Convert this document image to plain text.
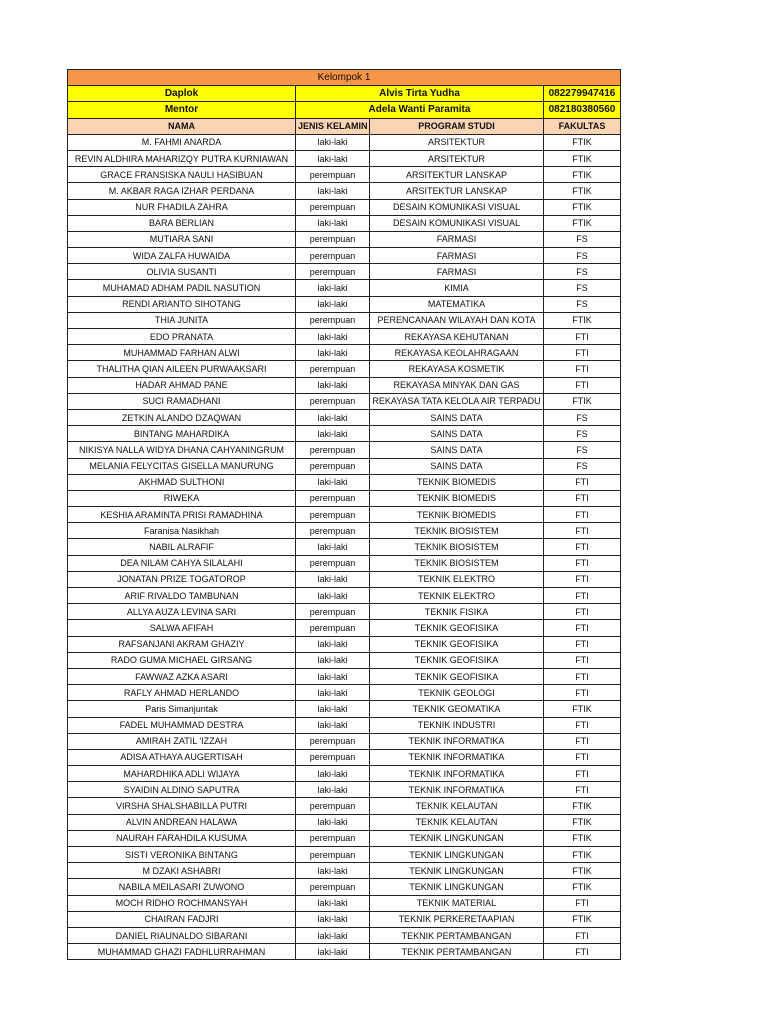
Kelompok 1			
Daplok	Alvis Tirta Yudha		082279947416
Mentor	Adela Wanti Paramita		082180380560
NAMA	JENIS KELAMIN	PROGRAM STUDI	FAKULTAS
M. FAHMI ANARDA	laki-laki	ARSITEKTUR	FTIK
REVIN ALDHIRA MAHARIZQY PUTRA KURNIAWAN	laki-laki	ARSITEKTUR	FTIK
GRACE FRANSISKA NAULI HASIBUAN	perempuan	ARSITEKTUR LANSKAP	FTIK
M. AKBAR RAGA IZHAR PERDANA	laki-laki	ARSITEKTUR LANSKAP	FTIK
NUR FHADILA ZAHRA	perempuan	DESAIN KOMUNIKASI VISUAL	FTIK
BARA BERLIAN	laki-laki	DESAIN KOMUNIKASI VISUAL	FTIK
MUTIARA SANI	perempuan	FARMASI	FS
WIDA ZALFA HUWAIDA	perempuan	FARMASI	FS
OLIVIA SUSANTI	perempuan	FARMASI	FS
MUHAMAD ADHAM PADIL NASUTION	laki-laki	KIMIA	FS
RENDI ARIANTO SIHOTANG	laki-laki	MATEMATIKA	FS
THIA JUNITA	perempuan	PERENCANAAN WILAYAH DAN KOTA	FTIK
EDO PRANATA	laki-laki	REKAYASA KEHUTANAN	FTI
MUHAMMAD FARHAN ALWI	laki-laki	REKAYASA KEOLAHRAGAAN	FTI
THALITHA QIAN AILEEN PURWAAKSARI	perempuan	REKAYASA KOSMETIK	FTI
HADAR AHMAD PANE	laki-laki	REKAYASA MINYAK DAN GAS	FTI
SUCI RAMADHANI	perempuan	REKAYASA TATA KELOLA AIR TERPADU	FTIK
ZETKIN ALANDO DZAQWAN	laki-laki	SAINS DATA	FS
BINTANG MAHARDIKA	laki-laki	SAINS DATA	FS
NIKISYA NALLA WIDYA DHANA CAHYANINGRUM	perempuan	SAINS DATA	FS
MELANIA FELYCITAS GISELLA MANURUNG	perempuan	SAINS DATA	FS
AKHMAD SULTHONI	laki-laki	TEKNIK BIOMEDIS	FTI
RIWEKA	perempuan	TEKNIK BIOMEDIS	FTI
KESHIA ARAMINTA PRISI RAMADHINA	perempuan	TEKNIK BIOMEDIS	FTI
Faranisa Nasikhah	perempuan	TEKNIK BIOSISTEM	FTI
NABIL ALRAFIF	laki-laki	TEKNIK BIOSISTEM	FTI
DEA NILAM CAHYA SILALAHI	perempuan	TEKNIK BIOSISTEM	FTI
JONATAN PRIZE TOGATOROP	laki-laki	TEKNIK ELEKTRO	FTI
ARIF RIVALDO TAMBUNAN	laki-laki	TEKNIK ELEKTRO	FTI
ALLYA AUZA LEVINA SARI	perempuan	TEKNIK FISIKA	FTI
SALWA AFIFAH	perempuan	TEKNIK GEOFISIKA	FTI
RAFSANJANI AKRAM GHAZIY	laki-laki	TEKNIK GEOFISIKA	FTI
RADO GUMA MICHAEL GIRSANG	laki-laki	TEKNIK GEOFISIKA	FTI
FAWWAZ AZKA ASARI	laki-laki	TEKNIK GEOFISIKA	FTI
RAFLY AHMAD HERLANDO	laki-laki	TEKNIK GEOLOGI	FTI
Paris Simanjuntak	laki-laki	TEKNIK GEOMATIKA	FTIK
FADEL MUHAMMAD DESTRA	laki-laki	TEKNIK INDUSTRI	FTI
AMIRAH ZATIL 'IZZAH	perempuan	TEKNIK INFORMATIKA	FTI
ADISA ATHAYA AUGERTISAH	perempuan	TEKNIK INFORMATIKA	FTI
MAHARDHIKA ADLI WIJAYA	laki-laki	TEKNIK INFORMATIKA	FTI
SYAIDIN ALDINO SAPUTRA	laki-laki	TEKNIK INFORMATIKA	FTI
VIRSHA SHALSHABILLA PUTRI	perempuan	TEKNIK KELAUTAN	FTIK
ALVIN ANDREAN HALAWA	laki-laki	TEKNIK KELAUTAN	FTIK
NAURAH FARAHDILA KUSUMA	perempuan	TEKNIK LINGKUNGAN	FTIK
SISTI VERONIKA BINTANG	perempuan	TEKNIK LINGKUNGAN	FTIK
M DZAKI ASHABRI	laki-laki	TEKNIK LINGKUNGAN	FTIK
NABILA MEILASARI ZUWONO	perempuan	TEKNIK LINGKUNGAN	FTIK
MOCH RIDHO ROCHMANSYAH	laki-laki	TEKNIK MATERIAL	FTI
CHAIRAN FADJRI	laki-laki	TEKNIK PERKERETAAPIAN	FTIK
DANIEL RIAUNALDO SIBARANI	laki-laki	TEKNIK PERTAMBANGAN	FTI
MUHAMMAD GHAZI FADHLURRAHMAN	laki-laki	TEKNIK PERTAMBANGAN	FTI
